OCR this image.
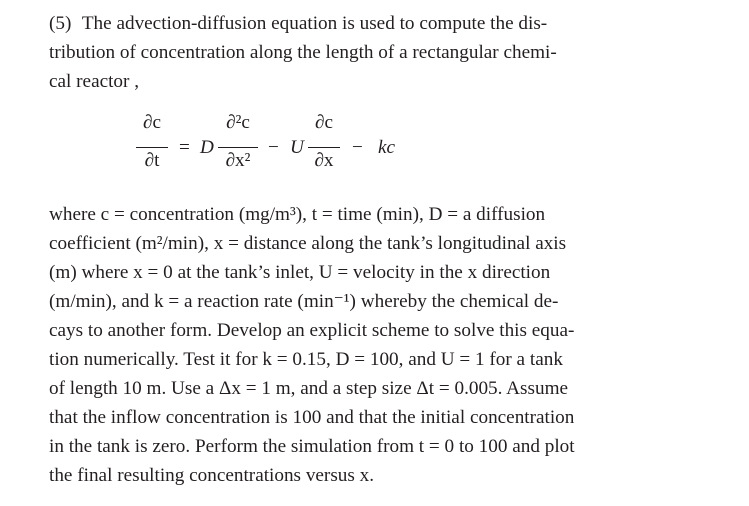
(5) The advection-diffusion equation is used to compute the dis-
tribution of concentration along the length of a rectangular chemi-
cal reactor ,
∂c
∂t
= D
∂²c
∂x²
− U
∂c
∂x
− kc
where c = concentration (mg/m³), t = time (min), D = a diffusion
coefficient (m²/min), x = distance along the tank’s longitudinal axis
(m) where x = 0 at the tank’s inlet, U = velocity in the x direction
(m/min), and k = a reaction rate (min⁻¹) whereby the chemical de-
cays to another form. Develop an explicit scheme to solve this equa-
tion numerically. Test it for k = 0.15, D = 100, and U = 1 for a tank
of length 10 m. Use a Δx = 1 m, and a step size Δt = 0.005. Assume
that the inflow concentration is 100 and that the initial concentration
in the tank is zero. Perform the simulation from t = 0 to 100 and plot
the final resulting concentrations versus x.
